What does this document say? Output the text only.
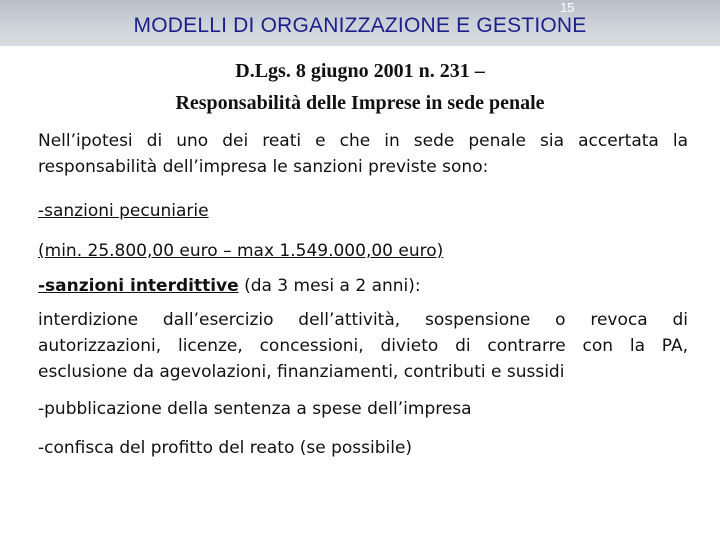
MODELLI DI ORGANIZZAZIONE E GESTIONE
15
D.Lgs. 8 giugno 2001 n. 231 –
Responsabilità delle Imprese in sede penale
Nell’ipotesi di uno dei reati e che in sede penale sia accertata la
responsabilità dell’impresa le sanzioni previste sono:
-sanzioni pecuniarie
(min. 25.800,00 euro – max 1.549.000,00 euro)
-sanzioni interdittive (da 3 mesi a 2 anni):
interdizione dall’esercizio dell’attività, sospensione o revoca di
autorizzazioni, licenze, concessioni, divieto di contrarre con la PA,
esclusione da agevolazioni, finanziamenti, contributi e sussidi
-pubblicazione della sentenza a spese dell’impresa
-confisca del profitto del reato (se possibile)
